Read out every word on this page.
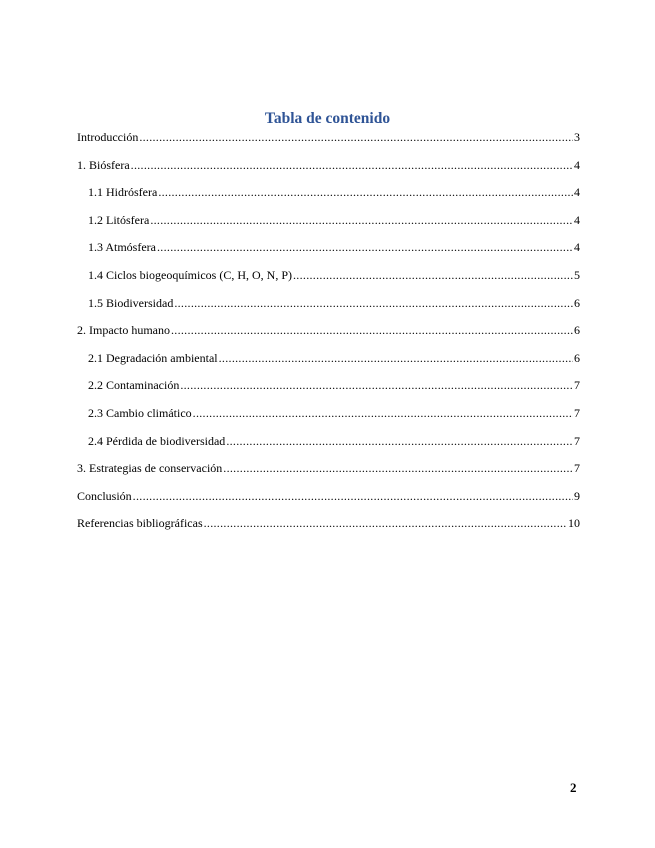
Tabla de contenido
Introducción .....	3
1. Biósfera .....	4
1.1 Hidrósfera .....	4
1.2 Litósfera .....	4
1.3 Atmósfera .....	4
1.4 Ciclos biogeoquímicos (C, H, O, N, P) .....	5
1.5 Biodiversidad .....	6
2. Impacto humano .....	6
2.1 Degradación ambiental .....	6
2.2 Contaminación .....	7
2.3 Cambio climático .....	7
2.4 Pérdida de biodiversidad .....	7
3. Estrategias de conservación .....	7
Conclusión .....	9
Referencias bibliográficas .....	10
2
